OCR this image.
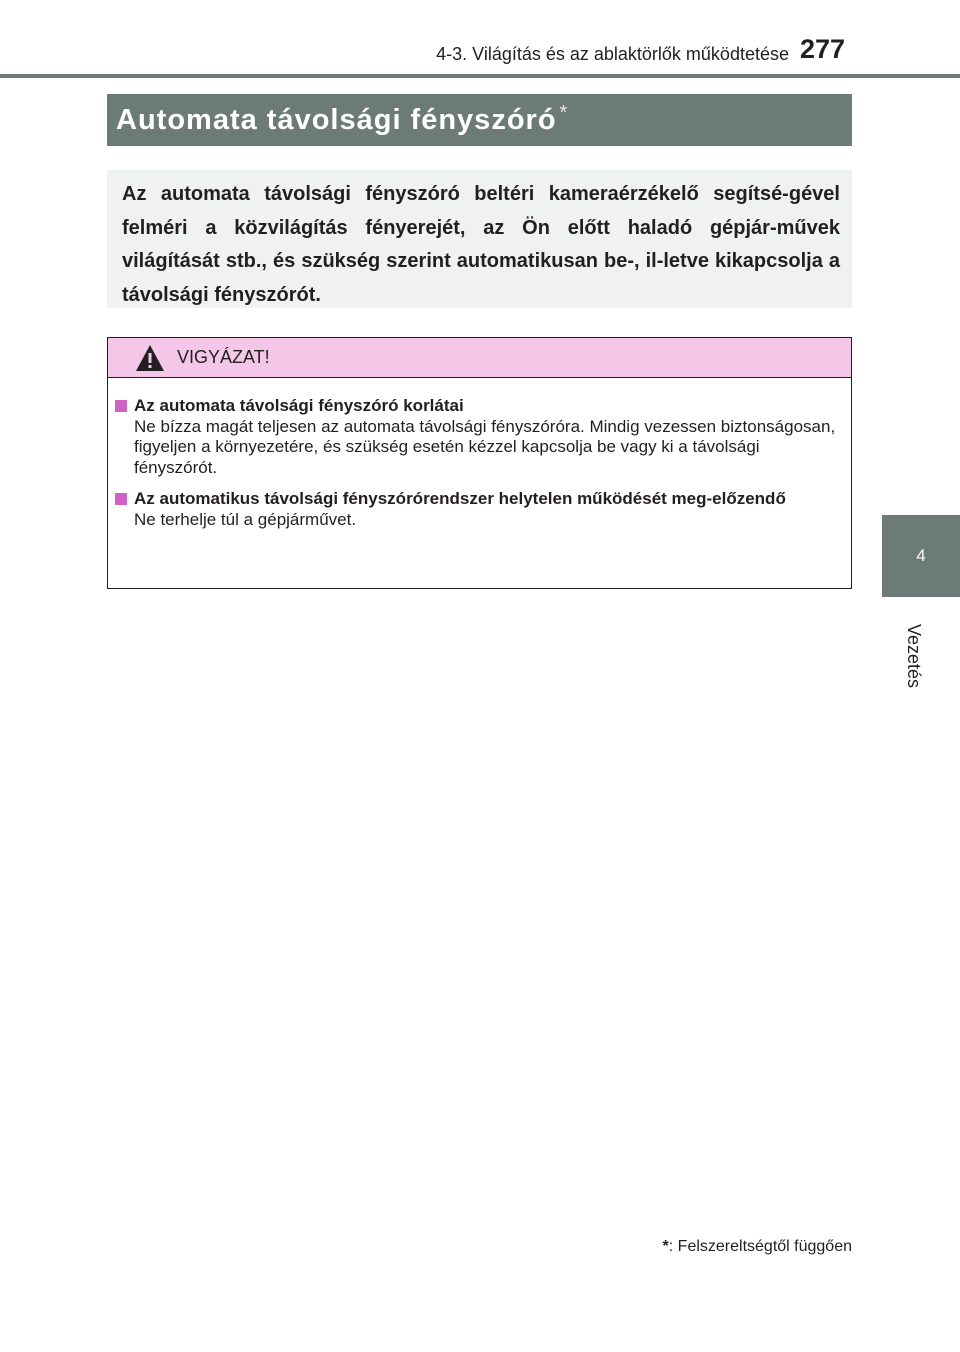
4-3. Világítás és az ablaktörlők működtetése 277
4
Vezetés
Automata távolsági fényszóró *
Az automata távolsági fényszóró beltéri kameraérzékelő segítsé-gével felméri a közvilágítás fényerejét, az Ön előtt haladó gépjár-művek világítását stb., és szükség szerint automatikusan be-, il-letve kikapcsolja a távolsági fényszórót.
VIGYÁZAT!
Az automata távolsági fényszóró korlátai
Ne bízza magát teljesen az automata távolsági fényszóróra. Mindig vezessen biztonságosan, figyeljen a környezetére, és szükség esetén kézzel kapcsolja be vagy ki a távolsági fényszórót.
Az automatikus távolsági fényszórórendszer helytelen működését meg-előzendő
Ne terhelje túl a gépjárművet.
*: Felszereltségtől függően
